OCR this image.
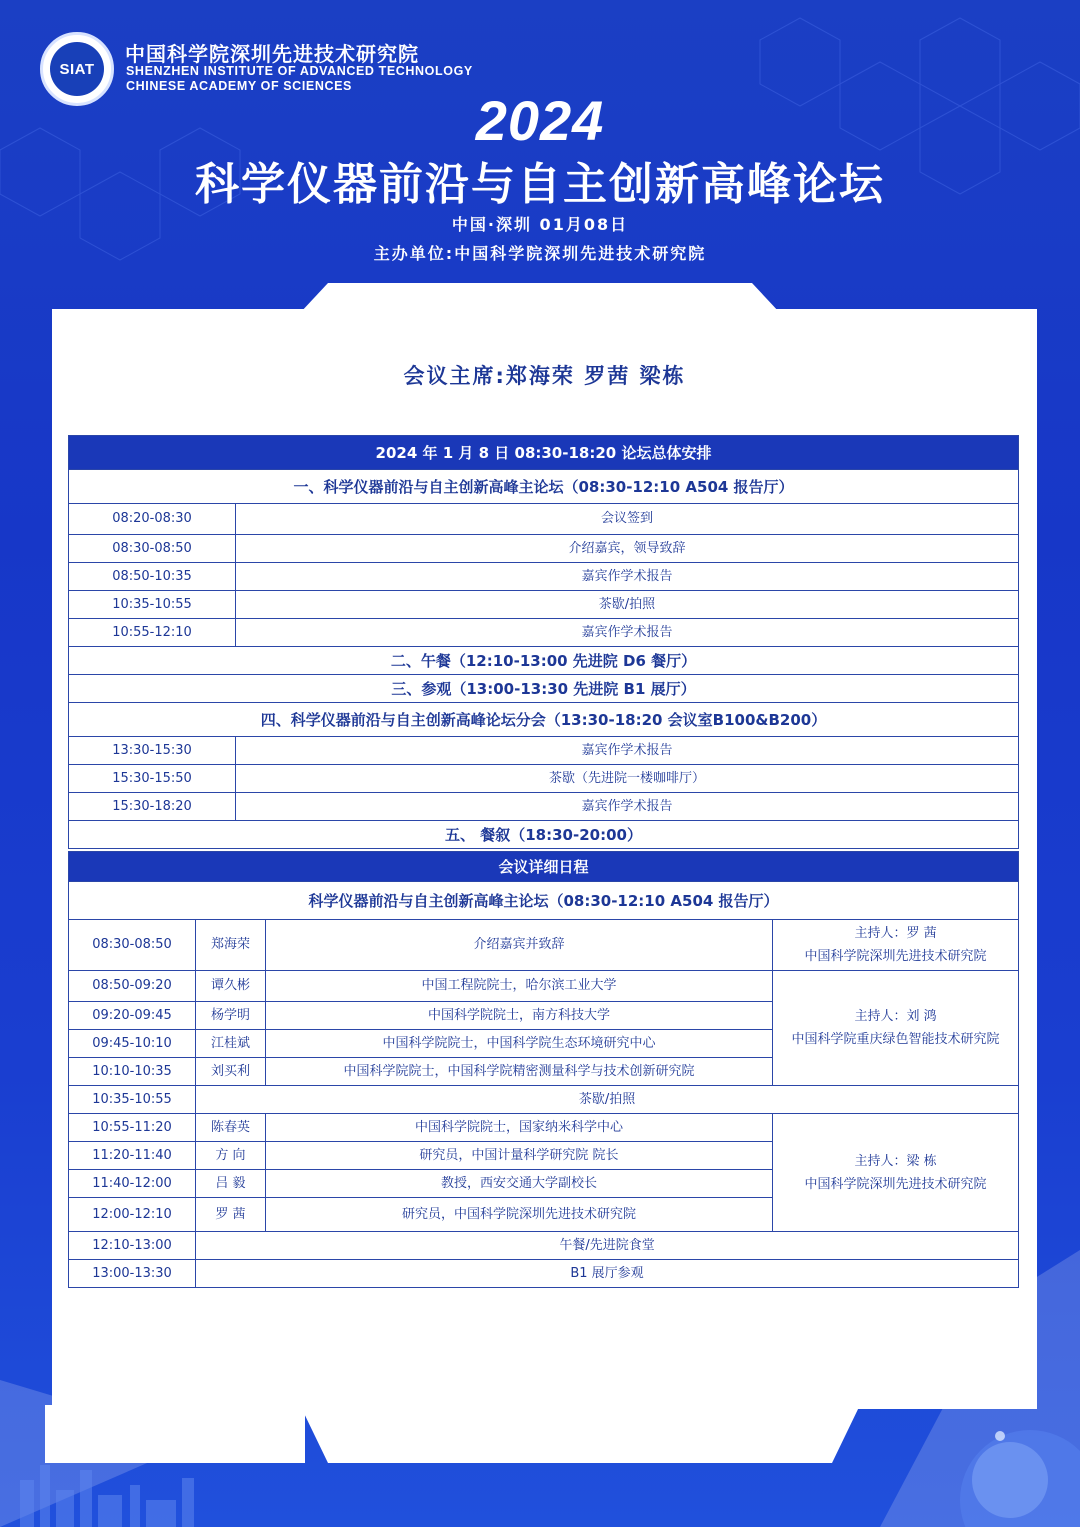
SIAT
中国科学院深圳先进技术研究院
SHENZHEN INSTITUTE OF ADVANCED TECHNOLOGY
CHINESE ACADEMY OF SCIENCES
2024
科学仪器前沿与自主创新高峰论坛
中国·深圳 01月08日
主办单位:中国科学院深圳先进技术研究院
会议主席:郑海荣 罗茜 梁栋
2024 年 1 月 8 日 08:30-18:20 论坛总体安排	
一、科学仪器前沿与自主创新高峰主论坛（08:30-12:10 A504 报告厅）	
08:20-08:30	会议签到
08:30-08:50	介绍嘉宾，领导致辞
08:50-10:35	嘉宾作学术报告
10:35-10:55	茶歇/拍照
10:55-12:10	嘉宾作学术报告
二、午餐（12:10-13:00 先进院 D6 餐厅）	
三、参观（13:00-13:30 先进院 B1 展厅）	
四、科学仪器前沿与自主创新高峰论坛分会（13:30-18:20 会议室B100&B200）	
13:30-15:30	嘉宾作学术报告
15:30-15:50	茶歇（先进院一楼咖啡厅）
15:30-18:20	嘉宾作学术报告
五、 餐叙（18:30-20:00）	
会议详细日程			
科学仪器前沿与自主创新高峰主论坛（08:30-12:10 A504 报告厅）			
08:30-08:50	郑海荣	介绍嘉宾并致辞	主持人：罗 茜
中国科学院深圳先进技术研究院

08:50-09:20	谭久彬	中国工程院院士，哈尔滨工业大学	主持人：刘 鸿
中国科学院重庆绿色智能技术研究院

09:20-09:45	杨学明	中国科学院院士，南方科技大学	
09:45-10:10	江桂斌	中国科学院院士，中国科学院生态环境研究中心	
10:10-10:35	刘买利	中国科学院院士，中国科学院精密测量科学与技术创新研究院	
10:35-10:55	茶歇/拍照		
10:55-11:20	陈春英	中国科学院院士，国家纳米科学中心	主持人：梁 栋
中国科学院深圳先进技术研究院

11:20-11:40	方 向	研究员，中国计量科学研究院 院长	
11:40-12:00	吕 毅	教授，西安交通大学副校长	
12:00-12:10	罗 茜	研究员，中国科学院深圳先进技术研究院	
12:10-13:00	午餐/先进院食堂		
13:00-13:30	B1 展厅参观		
